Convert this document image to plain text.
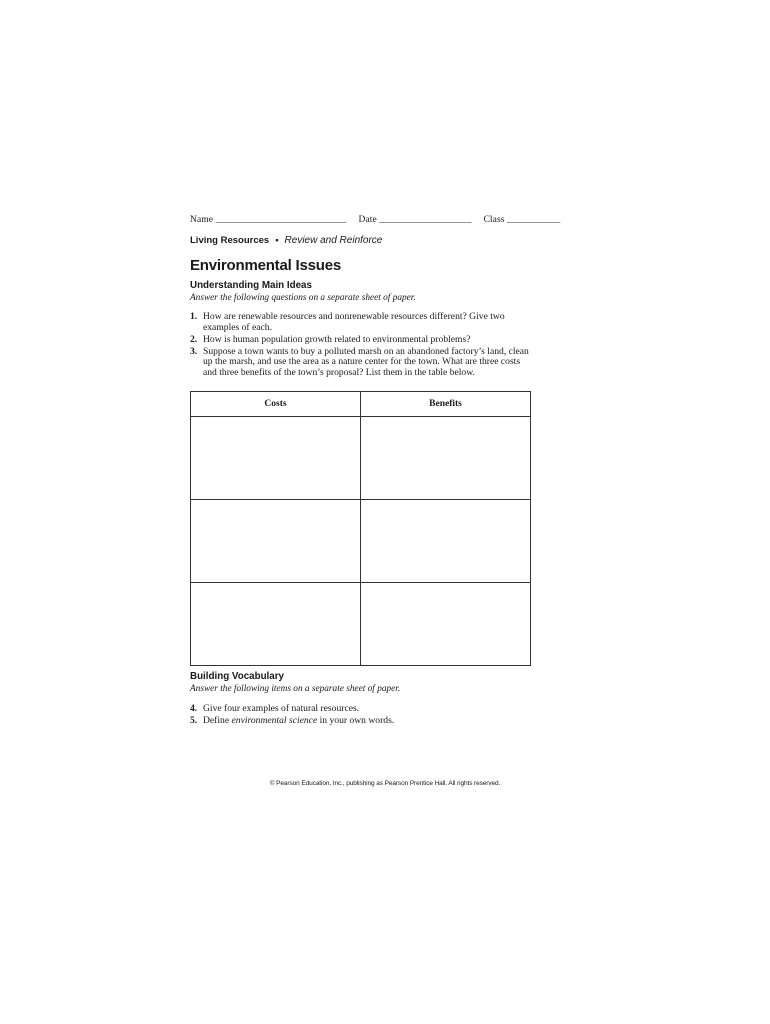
Name ___________________________ Date ___________________ Class ___________
Living Resources • Review and Reinforce
Environmental Issues
Understanding Main Ideas
Answer the following questions on a separate sheet of paper.
1. How are renewable resources and nonrenewable resources different? Give two examples of each.
2. How is human population growth related to environmental problems?
3. Suppose a town wants to buy a polluted marsh on an abandoned factory’s land, clean up the marsh, and use the area as a nature center for the town. What are three costs and three benefits of the town’s proposal? List them in the table below.
Costs	Benefits

Building Vocabulary
Answer the following items on a separate sheet of paper.
4. Give four examples of natural resources.
5. Define environmental science in your own words.
© Pearson Education, Inc., publishing as Pearson Prentice Hall. All rights reserved.
